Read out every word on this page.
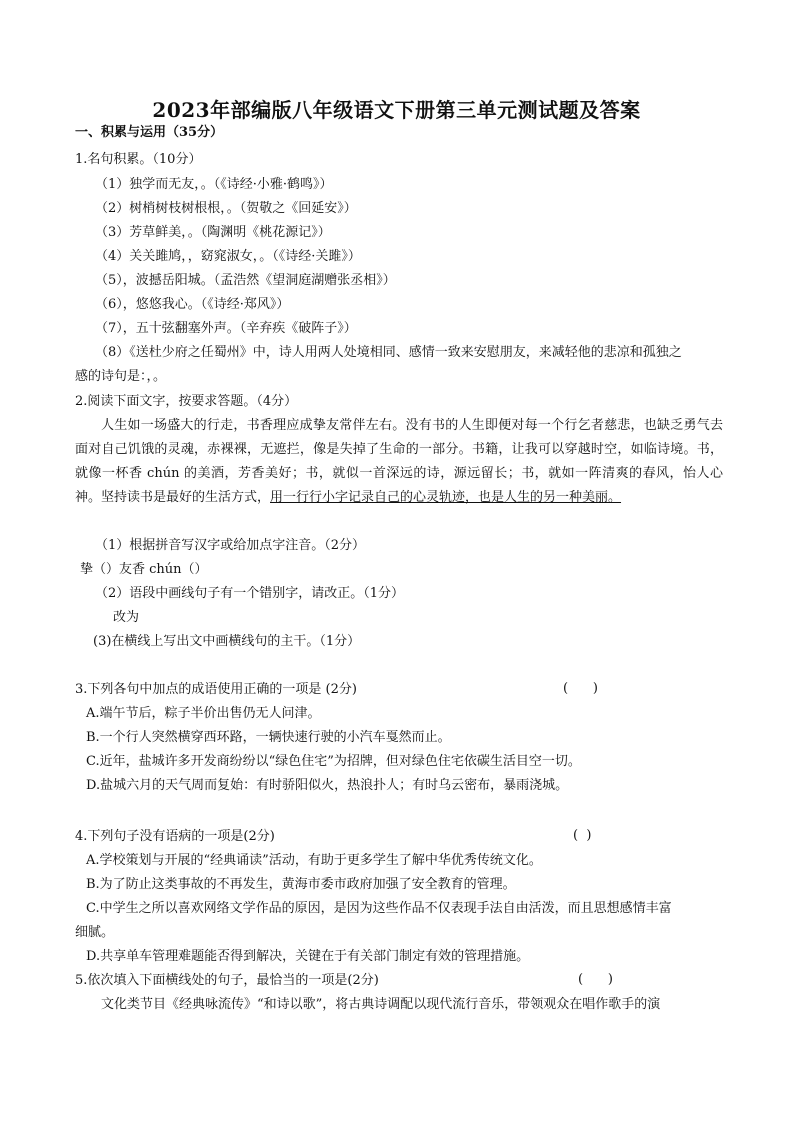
2023年部编版八年级语文下册第三单元测试题及答案
一、积累与运用（35分）
1.名句积累。（10分）
（1）独学而无友，。（《诗经·小雅·鹤鸣》）
（2）树梢树枝树根根，。（贺敬之《回延安》）
（3）芳草鲜美，。（陶渊明《桃花源记》）
（4）关关雎鸠，，窈窕淑女，。（《诗经·关雎》）
（5），波撼岳阳城。（孟浩然《望洞庭湖赠张丞相》）
（6），悠悠我心。（《诗经·郑风》）
（7），五十弦翻塞外声。（辛弃疾《破阵子》）
（8）《送杜少府之任蜀州》中，诗人用两人处境相同、感情一致来安慰朋友，来减轻他的悲凉和孤独之
感的诗句是：，。
2.阅读下面文字，按要求答题。（4分）
人生如一场盛大的行走，书香理应成挚友常伴左右。没有书的人生即便对每一个行乞者慈悲，也缺乏勇气去面对自己饥饿的灵魂，赤裸裸，无遮拦，像是失掉了生命的一部分。书籍，让我可以穿越时空，如临诗境。书，就像一杯香 chún 的美酒，芳香美好；书，就似一首深远的诗，源远留长；书，就如一阵清爽的春风，怡人心神。坚持读书是最好的生活方式，用一行行小字记录自己的心灵轨迹，也是人生的另一种美丽。
（1）根据拼音写汉字或给加点字注音。（2分）
挚（）友香 chún（）
（2）语段中画线句子有一个错别字，请改正。（1分）
改为
(3)在横线上写出文中画横线句的主干。（1分）
3.下列各句中加点的成语使用正确的一项是 (2分)	(      )
A.端午节后，粽子半价出售仍无人问津。
B.一个行人突然横穿西环路，一辆快速行驶的小汽车戛然而止。
C.近年，盐城许多开发商纷纷以“绿色住宅”为招牌，但对绿色住宅依碳生活目空一切。
D.盐城六月的天气周而复始：有时骄阳似火，热浪扑人；有时乌云密布，暴雨浇城。
4.下列句子没有语病的一项是(2分)	(  )
A.学校策划与开展的“经典诵读”活动，有助于更多学生了解中华优秀传统文化。
B.为了防止这类事故的不再发生，黄海市委市政府加强了安全教育的管理。
C.中学生之所以喜欢网络文学作品的原因，是因为这些作品不仅表现手法自由活泼，而且思想感情丰富
细腻。
D.共享单车管理难题能否得到解决，关键在于有关部门制定有效的管理措施。
5.依次填入下面横线处的句子，最恰当的一项是(2分)	(      )
文化类节目《经典咏流传》“和诗以歌”，将古典诗调配以现代流行音乐，带领观众在唱作歌手的演
